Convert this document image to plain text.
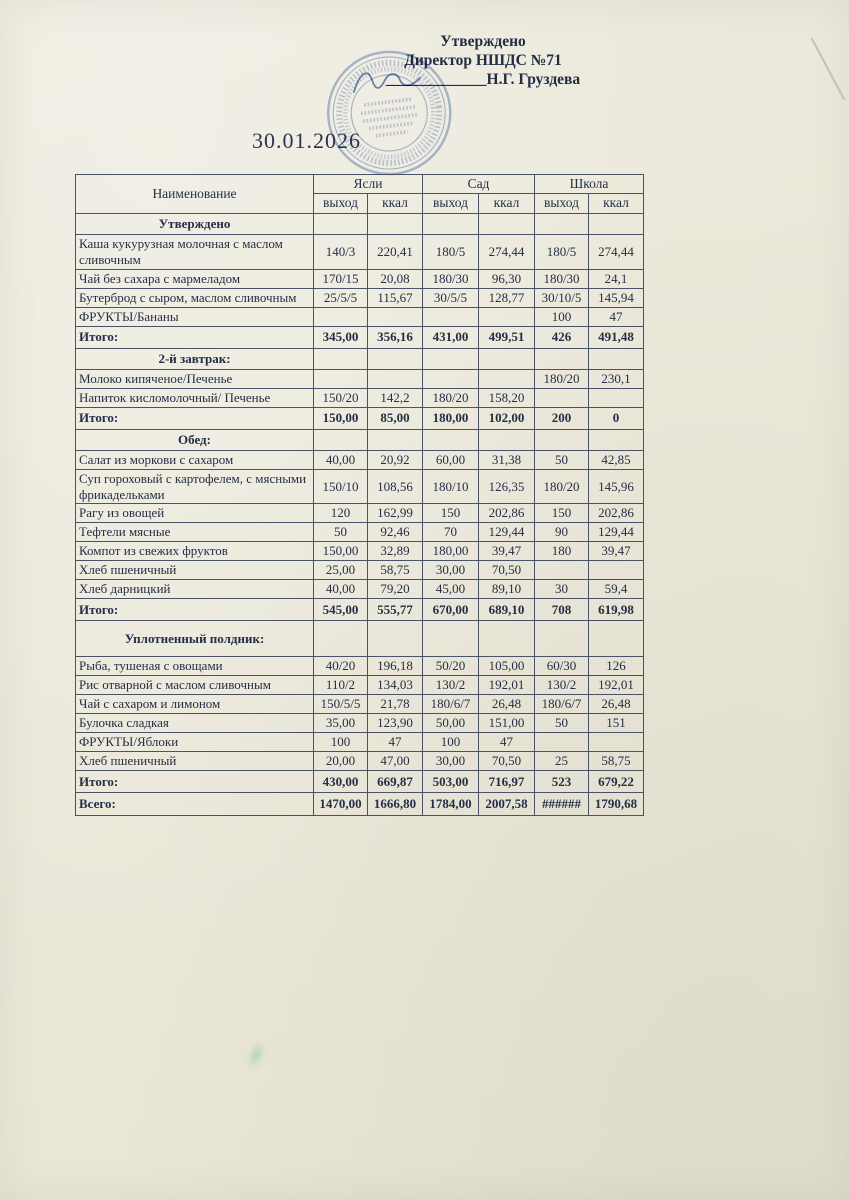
Утверждено
Директор НШДС №71
_____________Н.Г. Груздева
30.01.2026
Наименование	Ясли		Сад		Школа	
	выход	ккал	выход	ккал	выход	ккал
Утверждено						
Каша кукурузная молочная с маслом сливочным	140/3	220,41	180/5	274,44	180/5	274,44
Чай без сахара с мармеладом	170/15	20,08	180/30	96,30	180/30	24,1
Бутерброд с сыром, маслом сливочным	25/5/5	115,67	30/5/5	128,77	30/10/5	145,94
ФРУКТЫ/Бананы					100	47
Итого:	345,00	356,16	431,00	499,51	426	491,48
2-й завтрак:						
Молоко кипяченое/Печенье					180/20	230,1
Напиток кисломолочный/ Печенье	150/20	142,2	180/20	158,20		
Итого:	150,00	85,00	180,00	102,00	200	0
Обед:						
Салат из моркови с сахаром	40,00	20,92	60,00	31,38	50	42,85
Суп гороховый с картофелем, с мясными фрикадельками	150/10	108,56	180/10	126,35	180/20	145,96
Рагу из овощей	120	162,99	150	202,86	150	202,86
Тефтели мясные	50	92,46	70	129,44	90	129,44
Компот из свежих фруктов	150,00	32,89	180,00	39,47	180	39,47
Хлеб пшеничный	25,00	58,75	30,00	70,50		
Хлеб дарницкий	40,00	79,20	45,00	89,10	30	59,4
Итого:	545,00	555,77	670,00	689,10	708	619,98
Уплотненный полдник:						
Рыба, тушеная с овощами	40/20	196,18	50/20	105,00	60/30	126
Рис отварной с маслом сливочным	110/2	134,03	130/2	192,01	130/2	192,01
Чай с сахаром и лимоном	150/5/5	21,78	180/6/7	26,48	180/6/7	26,48
Булочка сладкая	35,00	123,90	50,00	151,00	50	151
ФРУКТЫ/Яблоки	100	47	100	47		
Хлеб пшеничный	20,00	47,00	30,00	70,50	25	58,75
Итого:	430,00	669,87	503,00	716,97	523	679,22
Всего:	1470,00	1666,80	1784,00	2007,58	######	1790,68
